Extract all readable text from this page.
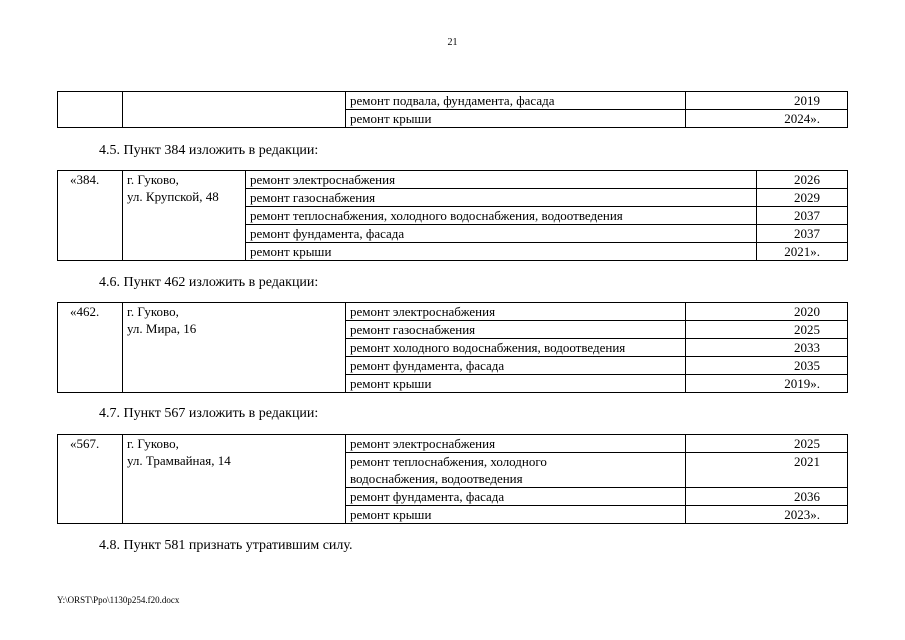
21
		ремонт подвала, фундамента, фасада	2019
		ремонт крыши	2024».
4.5. Пункт 384 изложить в редакции:
«384.	г. Гуково,
ул. Крупской, 48	ремонт электроснабжения	2026
		ремонт газоснабжения	2029
		ремонт теплоснабжения, холодного водоснабжения, водоотведения	2037
		ремонт фундамента, фасада	2037
		ремонт крыши	2021».
4.6. Пункт 462 изложить в редакции:
«462.	г. Гуково,
ул. Мира, 16	ремонт электроснабжения	2020
		ремонт газоснабжения	2025
		ремонт холодного водоснабжения, водоотведения	2033
		ремонт фундамента, фасада	2035
		ремонт крыши	2019».
4.7. Пункт 567 изложить в редакции:
«567.	г. Гуково,
ул. Трамвайная, 14	ремонт электроснабжения	2025

		ремонт теплоснабжения, холодного
водоснабжения, водоотведения	2021
		ремонт фундамента, фасада	2036
		ремонт крыши	2023».
4.8. Пункт 581 признать утратившим силу.
Y:\ORST\Ppo\1130p254.f20.docx
